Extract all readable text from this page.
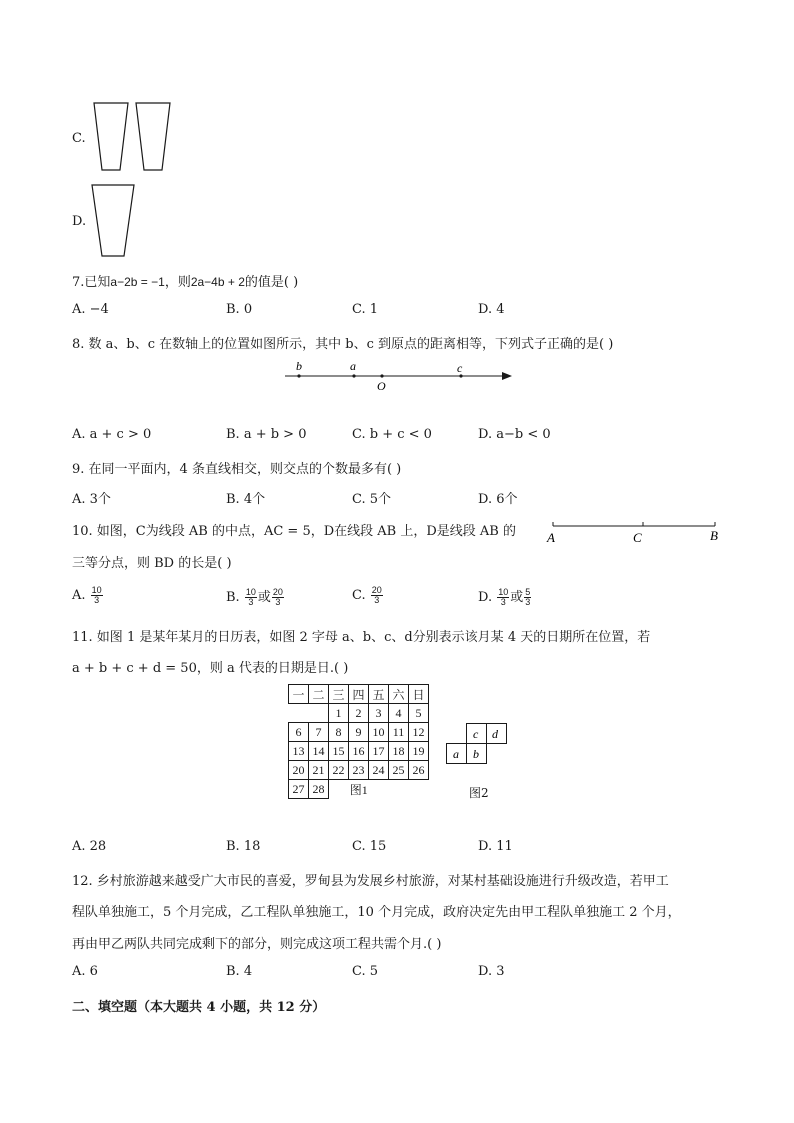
C.
D.
7.已知a−2b = −1，则2a−4b + 2的值是( )
A. −4	B. 0	C. 1	D. 4
8. 数 a、b、c 在数轴上的位置如图所示，其中 b、c 到原点的距离相等，下列式子正确的是( )
b	a
O
c
A. a + c > 0	B. a + b > 0	C. b + c < 0	D. a−b < 0
9. 在同一平面内，4 条直线相交，则交点的个数最多有( )
A. 3个	B. 4个	C. 5个	D. 6个
10. 如图，C为线段 AB 的中点，AC = 5，D在线段 AB 上，D是线段 AB 的
三等分点，则 BD 的长是( )
A	C	B
A. $\frac{10}{3}$	B. $\frac{10}{3}$ 或 $\frac{20}{3}$	C. $\frac{20}{3}$	D. $\frac{10}{3}$ 或 $\frac{5}{3}$
11. 如图 1 是某年某月的日历表，如图 2 字母 a、b、c、d分别表示该月某 4 天的日期所在位置，若
a + b + c + d = 50，则 a 代表的日期是日.( )
一	二	三	四	五	六	日
		1	2	3	4	5
6	7	8	9	10	11	12
13	14	15	16	17	18	19
20	21	22	23	24	25	26
27	28	图1				
c d
a b
图2
A. 28	B. 18	C. 15	D. 11
12. 乡村旅游越来越受广大市民的喜爱，罗甸县为发展乡村旅游，对某村基础设施进行升级改造，若甲工
程队单独施工，5 个月完成，乙工程队单独施工，10 个月完成，政府决定先由甲工程队单独施工 2 个月，
再由甲乙两队共同完成剩下的部分，则完成这项工程共需个月.( )
A. 6	B. 4	C. 5	D. 3
二、填空题（本大题共 4 小题，共 12 分）
